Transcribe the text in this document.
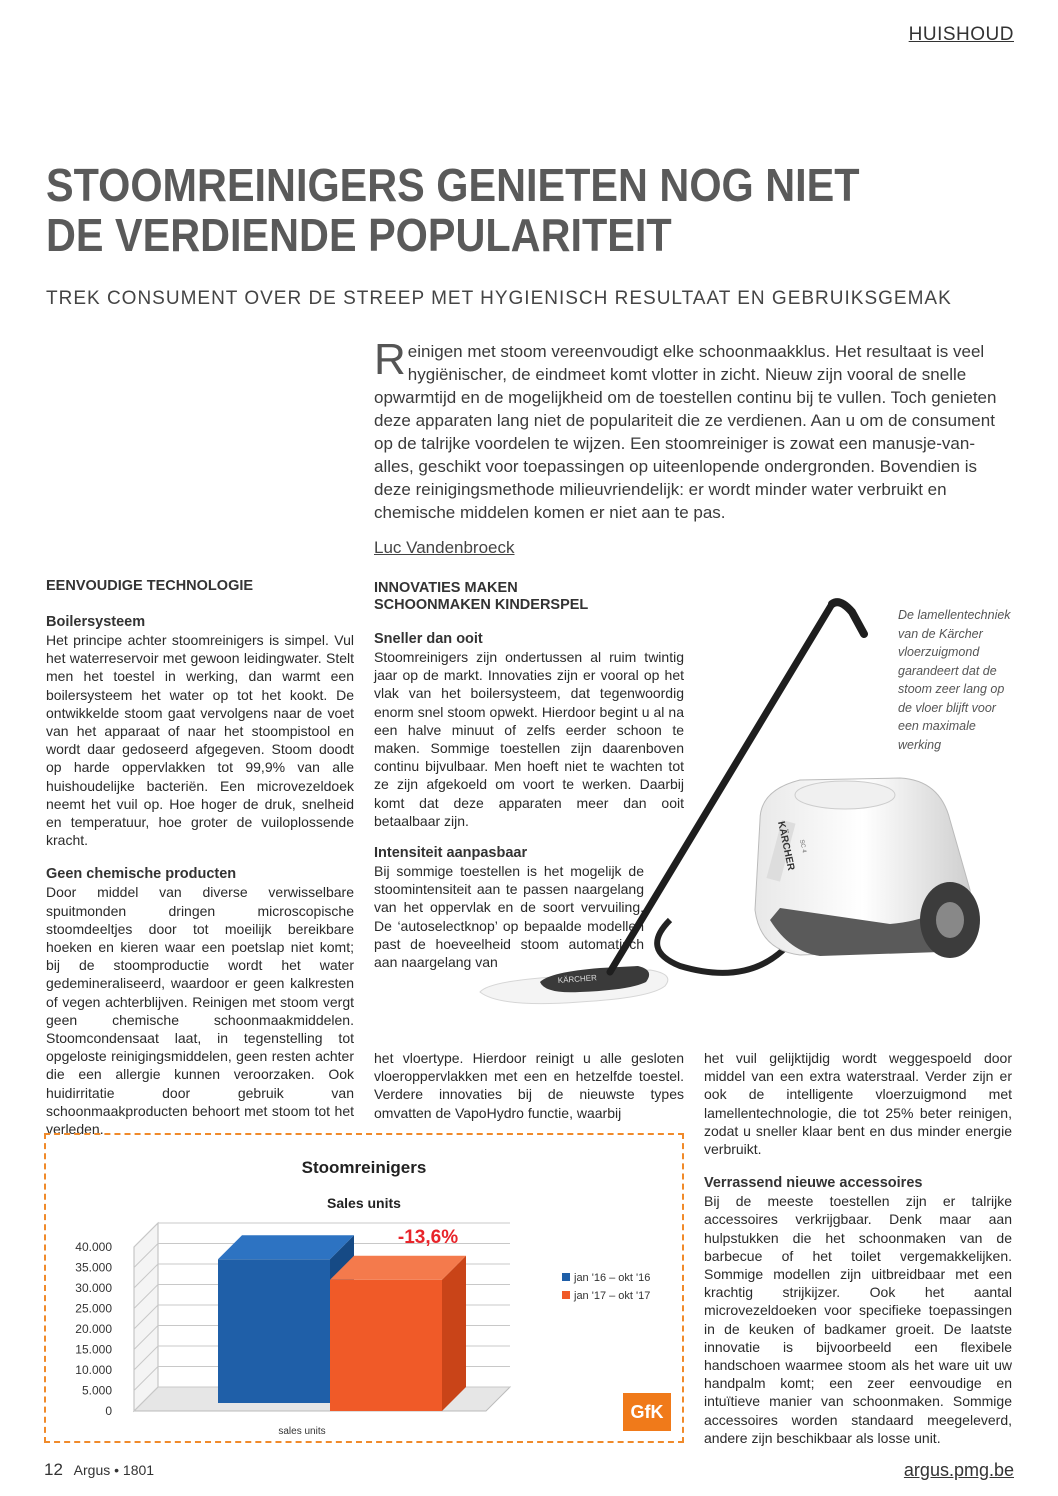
HUISHOUD
STOOMREINIGERS GENIETEN NOG NIET
DE VERDIENDE POPULARITEIT
TREK CONSUMENT OVER DE STREEP MET HYGIENISCH RESULTAAT EN GEBRUIKSGEMAK
Reinigen met stoom vereenvoudigt elke schoonmaakklus. Het resultaat is veel hygiënischer, de eindmeet komt vlotter in zicht. Nieuw zijn vooral de snelle opwarmtijd en de mogelijkheid om de toestellen continu bij te vullen. Toch genieten deze apparaten lang niet de populariteit die ze verdienen. Aan u om de consument op de talrijke voordelen te wijzen. Een stoomreiniger is zowat een manusje-van-alles, geschikt voor toepassingen op uiteenlopende ondergronden. Bovendien is deze reinigingsmethode milieuvriendelijk: er wordt minder water verbruikt en chemische middelen komen er niet aan te pas.
Luc Vandenbroeck
EENVOUDIGE TECHNOLOGIE
Boilersysteem

Het principe achter stoomreinigers is simpel. Vul het waterreservoir met gewoon leidingwater. Stelt men het toestel in werking, dan warmt een boilersysteem het water op tot het kookt. De ontwikkelde stoom gaat vervolgens naar de voet van het apparaat of naar het stoompistool en wordt daar gedoseerd afgegeven. Stoom doodt op harde oppervlakken tot 99,9% van alle huishoudelijke bacteriën. Een microvezeldoek neemt het vuil op. Hoe hoger de druk, snelheid en temperatuur, hoe groter de vuiloplossende kracht.

Geen chemische producten

Door middel van diverse verwisselbare spuitmonden dringen microscopische stoomdeeltjes door tot moeilijk bereikbare hoeken en kieren waar een poetslap niet komt; bij de stoomproductie wordt het water gedemineraliseerd, waardoor er geen kalkresten of vegen achterblijven. Reinigen met stoom vergt geen chemische schoonmaakmiddelen. Stoomcondensaat laat, in tegenstelling tot opgeloste reinigingsmiddelen, geen resten achter die een allergie kunnen veroorzaken. Ook huidirritatie door gebruik van schoonmaakproducten behoort met stoom tot het verleden.

INNOVATIES MAKEN
SCHOONMAKEN KINDERSPEL
Sneller dan ooit

Stoomreinigers zijn ondertussen al ruim twintig jaar op de markt. Innovaties zijn er vooral op het vlak van het boilersysteem, dat tegenwoordig enorm snel stoom opwekt. Hierdoor begint u al na een halve minuut of zelfs eerder schoon te maken. Sommige toestellen zijn daarenboven continu bijvulbaar. Men hoeft niet te wachten tot ze zijn afgekoeld om voort te werken. Daarbij komt dat deze apparaten meer dan ooit betaalbaar zijn.

Intensiteit aanpasbaar

Bij sommige toestellen is het mogelijk de stoomintensiteit aan te passen naargelang van het oppervlak en de soort vervuiling. De ‘autoselectknop’ op bepaalde modellen past de hoeveelheid stoom automatisch aan naargelang van

het vloertype. Hierdoor reinigt u alle gesloten vloeroppervlakken met een en hetzelfde toestel. Verdere innovaties bij de nieuwste types omvatten de VapoHydro functie, waarbij

het vuil gelijktijdig wordt weggespoeld door middel van een extra waterstraal. Verder zijn er ook de intelligente vloerzuigmond met lamellentechnologie, die tot 25% beter reinigen, zodat u sneller klaar bent en dus minder energie verbruikt.

Verrassend nieuwe accessoires

Bij de meeste toestellen zijn er talrijke accessoires verkrijgbaar. Denk maar aan hulpstukken die het schoonmaken van de barbecue of het toilet vergemakkelijken. Sommige modellen zijn uitbreidbaar met een krachtig strijkijzer. Ook het aantal microvezeldoeken voor specifieke toepassingen in de keuken of badkamer groeit. De laatste innovatie is bijvoorbeeld een flexibele handschoen waarmee stoom als het ware uit uw handpalm komt; een zeer eenvoudige en intuïtieve manier van schoonmaken. Sommige accessoires worden standaard meegeleverd, andere zijn beschikbaar als losse unit.

KÄRCHER
KÄRCHER SC 4
De lamellentechniek van de Kärcher vloerzuigmond garandeert dat de stoom zeer lang op de vloer blijft voor een maximale werking
Stoomreinigers
Sales units
0
5.000
10.000
15.000
20.000
25.000
30.000
35.000
40.000	-13,6%
sales units
jan '16 – okt '16
jan '17 – okt '17
GfK
12 Argus • 1801	argus.pmg.be
